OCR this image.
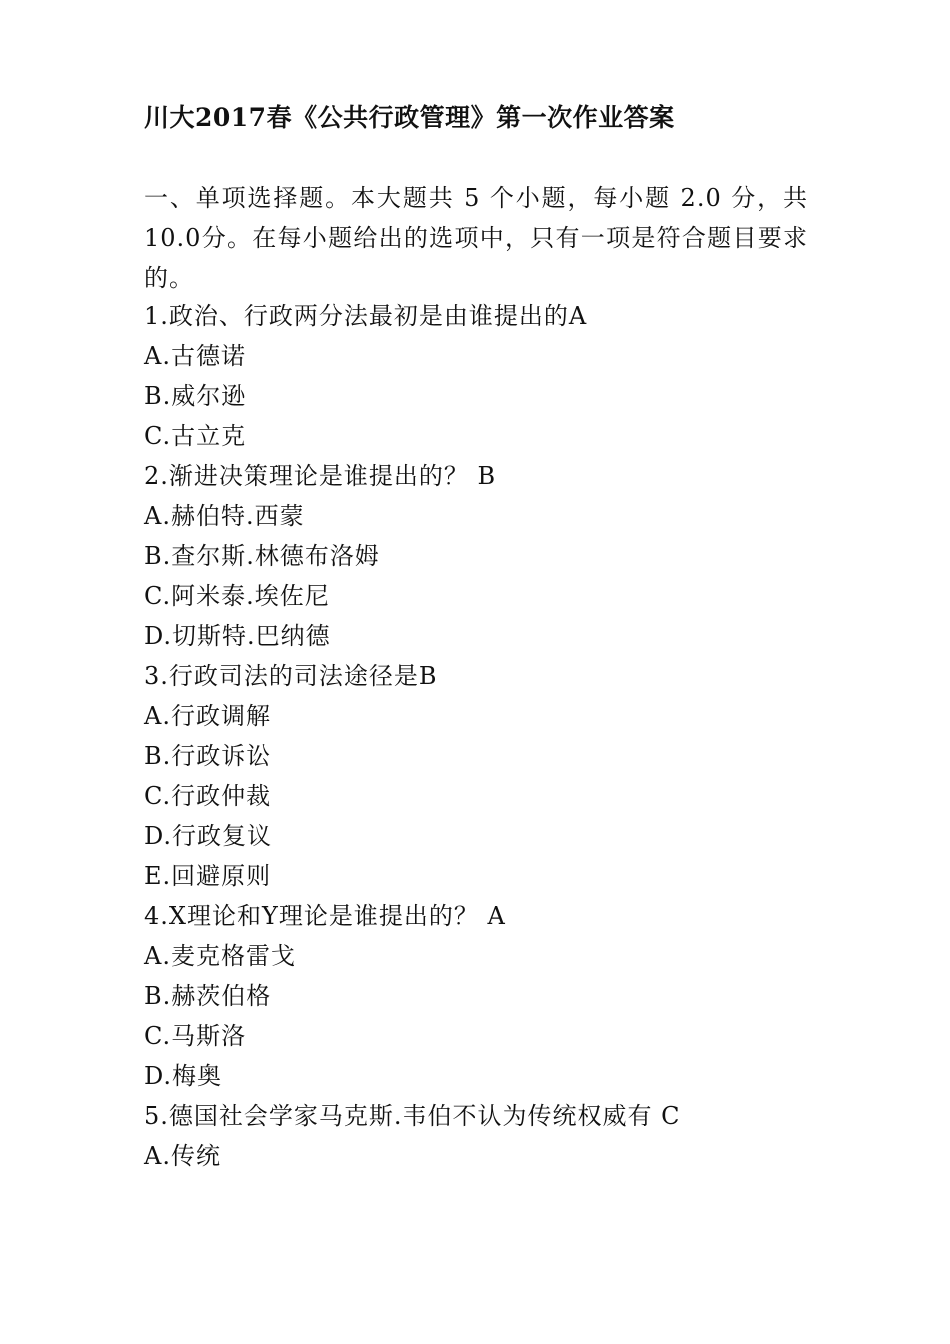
川大2017春《公共行政管理》第一次作业答案
一、单项选择题。本大题共 5 个小题，每小题 2.0 分，共10.0分。在每小题给出的选项中，只有一项是符合题目要求的。
1.政治、行政两分法最初是由谁提出的A
A.古德诺
B.威尔逊
C.古立克
2.渐进决策理论是谁提出的？ B
A.赫伯特.西蒙
B.查尔斯.林德布洛姆
C.阿米泰.埃佐尼
D.切斯特.巴纳德
3.行政司法的司法途径是B
A.行政调解
B.行政诉讼
C.行政仲裁
D.行政复议
E.回避原则
4.X理论和Y理论是谁提出的？ A
A.麦克格雷戈
B.赫茨伯格
C.马斯洛
D.梅奥
5.德国社会学家马克斯.韦伯不认为传统权威有 C
A.传统
